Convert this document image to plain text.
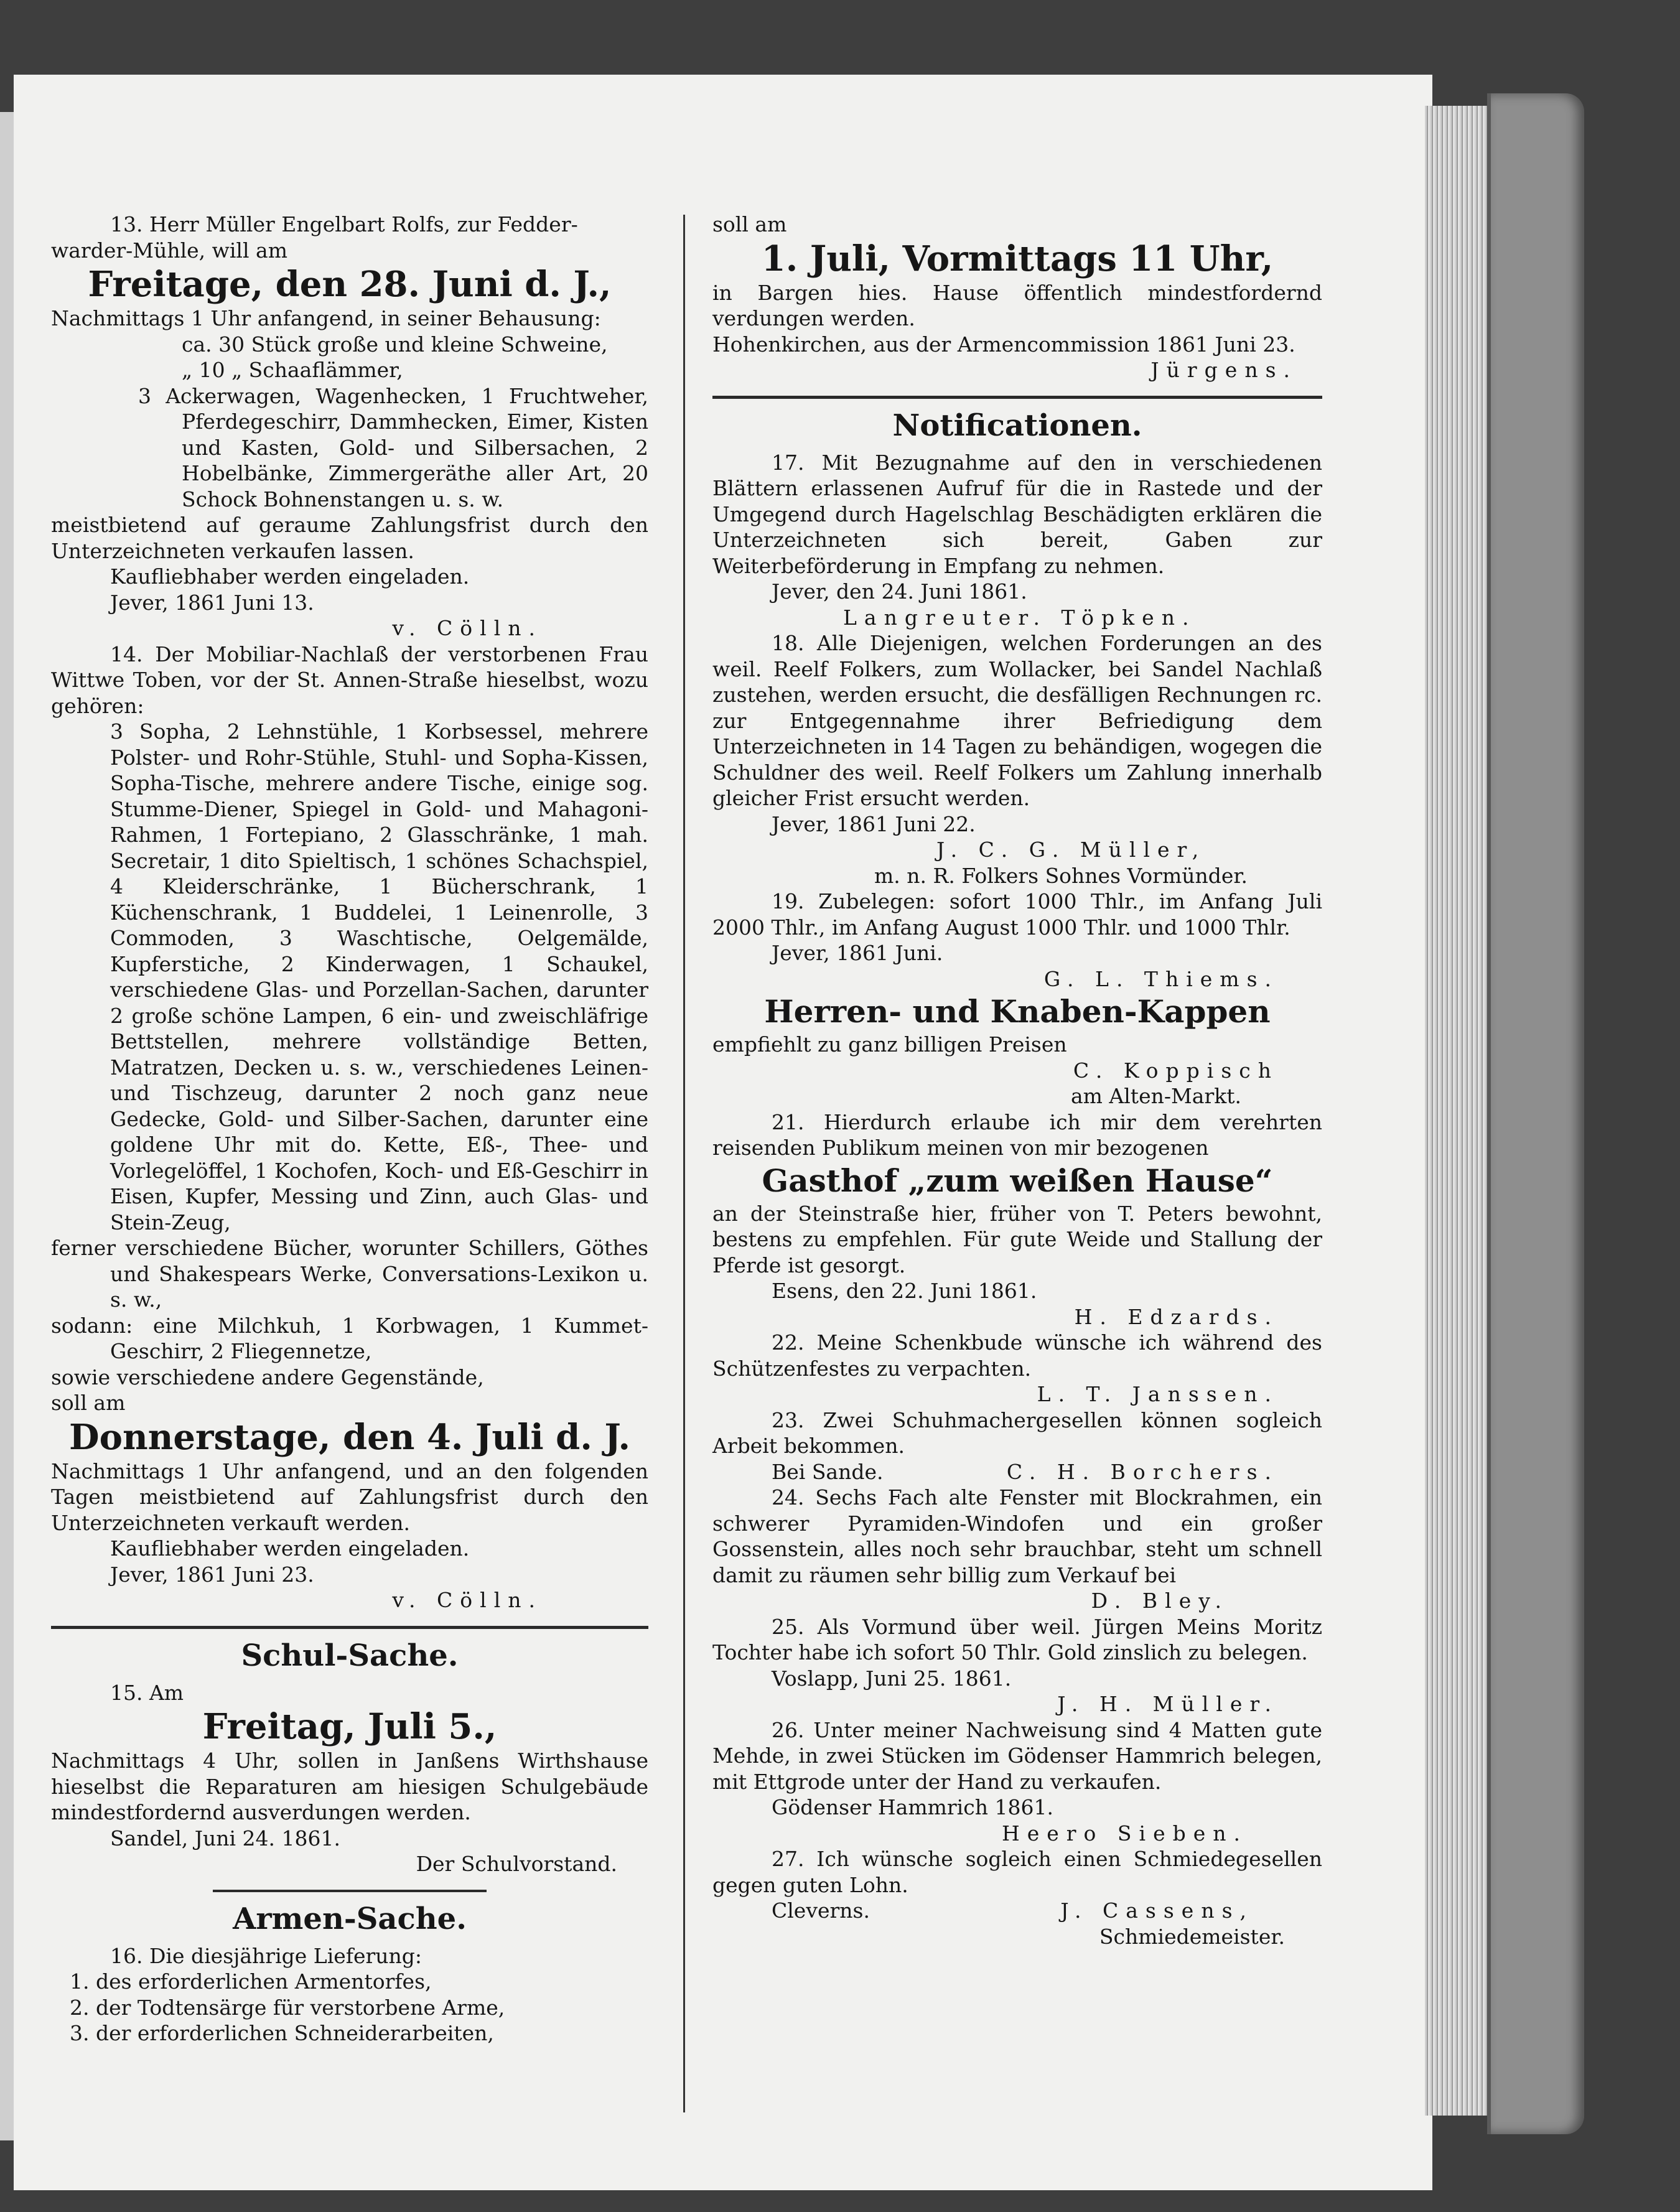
13. Herr Müller Engelbart Rolfs, zur Fedder-

warder-Mühle, will am

Freitage, den 28. Juni d. J.,

Nachmittags 1 Uhr anfangend, in seiner Behausung:

ca. 30 Stück große und kleine Schweine,

„ 10 „ Schaaflämmer,

3 Ackerwagen, Wagenhecken, 1 Fruchtweher, Pferdegeschirr, Dammhecken, Eimer, Kisten und Kasten, Gold- und Silbersachen, 2 Hobelbänke, Zimmergeräthe aller Art, 20 Schock Bohnenstangen u. s. w.

meistbietend auf geraume Zahlungsfrist durch den Unterzeichneten verkaufen lassen.

Kaufliebhaber werden eingeladen.

Jever, 1861 Juni 13.

v. Cölln.

14. Der Mobiliar-Nachlaß der verstorbenen Frau Wittwe Toben, vor der St. Annen-Straße hieselbst, wozu gehören:

3 Sopha, 2 Lehnstühle, 1 Korbsessel, mehrere Polster- und Rohr-Stühle, Stuhl- und Sopha-Kissen, Sopha-Tische, mehrere andere Tische, einige sog. Stumme-Diener, Spiegel in Gold- und Mahagoni-Rahmen, 1 Fortepiano, 2 Glasschränke, 1 mah. Secretair, 1 dito Spieltisch, 1 schönes Schachspiel, 4 Kleiderschränke, 1 Bücherschrank, 1 Küchenschrank, 1 Buddelei, 1 Leinenrolle, 3 Commoden, 3 Waschtische, Oelgemälde, Kupferstiche, 2 Kinderwagen, 1 Schaukel, verschiedene Glas- und Porzellan-Sachen, darunter 2 große schöne Lampen, 6 ein- und zweischläfrige Bettstellen, mehrere vollständige Betten, Matratzen, Decken u. s. w., verschiedenes Leinen- und Tischzeug, darunter 2 noch ganz neue Gedecke, Gold- und Silber-Sachen, darunter eine goldene Uhr mit do. Kette, Eß-, Thee- und Vorlegelöffel, 1 Kochofen, Koch- und Eß-Geschirr in Eisen, Kupfer, Messing und Zinn, auch Glas- und Stein-Zeug,

ferner verschiedene Bücher, worunter Schillers, Göthes und Shakespears Werke, Conversations-Lexikon u. s. w.,

sodann: eine Milchkuh, 1 Korbwagen, 1 Kummet-Geschirr, 2 Fliegennetze,

sowie verschiedene andere Gegenstände,

soll am

Donnerstage, den 4. Juli d. J.

Nachmittags 1 Uhr anfangend, und an den folgenden Tagen meistbietend auf Zahlungsfrist durch den Unterzeichneten verkauft werden.

Kaufliebhaber werden eingeladen.

Jever, 1861 Juni 23.

v. Cölln.

Schul-Sache.

15. Am

Freitag, Juli 5.,

Nachmittags 4 Uhr, sollen in Janßens Wirthshause hieselbst die Reparaturen am hiesigen Schulgebäude mindestfordernd ausverdungen werden.

Sandel, Juni 24. 1861.

Der Schulvorstand.

Armen-Sache.

16. Die diesjährige Lieferung:

1. des erforderlichen Armentorfes,

2. der Todtensärge für verstorbene Arme,

3. der erforderlichen Schneiderarbeiten,

soll am

1. Juli, Vormittags 11 Uhr,

in Bargen hies. Hause öffentlich mindestfordernd verdungen werden.

Hohenkirchen, aus der Armencommission 1861 Juni 23.

Jürgens.

Notificationen.

17. Mit Bezugnahme auf den in verschiedenen Blättern erlassenen Aufruf für die in Rastede und der Umgegend durch Hagelschlag Beschädigten erklären die Unterzeichneten sich bereit, Gaben zur Weiterbeförderung in Empfang zu nehmen.

Jever, den 24. Juni 1861.

Langreuter. Töpken.

18. Alle Diejenigen, welchen Forderungen an des weil. Reelf Folkers, zum Wollacker, bei Sandel Nachlaß zustehen, werden ersucht, die desfälligen Rechnungen rc. zur Entgegennahme ihrer Befriedigung dem Unterzeichneten in 14 Tagen zu behändigen, wogegen die Schuldner des weil. Reelf Folkers um Zahlung innerhalb gleicher Frist ersucht werden.

Jever, 1861 Juni 22.

J. C. G. Müller,

m. n. R. Folkers Sohnes Vormünder.

19. Zubelegen: sofort 1000 Thlr., im Anfang Juli 2000 Thlr., im Anfang August 1000 Thlr. und 1000 Thlr.

Jever, 1861 Juni.

G. L. Thiems.

Herren- und Knaben-Kappen

empfiehlt zu ganz billigen Preisen

C. Koppisch

am Alten-Markt.

21. Hierdurch erlaube ich mir dem verehrten reisenden Publikum meinen von mir bezogenen

Gasthof „zum weißen Hause“

an der Steinstraße hier, früher von T. Peters bewohnt, bestens zu empfehlen. Für gute Weide und Stallung der Pferde ist gesorgt.

Esens, den 22. Juni 1861.

H. Edzards.

22. Meine Schenkbude wünsche ich während des Schützenfestes zu verpachten.

L. T. Janssen.

23. Zwei Schuhmachergesellen können sogleich Arbeit bekommen.

Bei Sande.	C. H. Borchers.

24. Sechs Fach alte Fenster mit Blockrahmen, ein schwerer Pyramiden-Windofen und ein großer Gossenstein, alles noch sehr brauchbar, steht um schnell damit zu räumen sehr billig zum Verkauf bei

D. Bley.

25. Als Vormund über weil. Jürgen Meins Moritz Tochter habe ich sofort 50 Thlr. Gold zinslich zu belegen.

Voslapp, Juni 25. 1861.

J. H. Müller.

26. Unter meiner Nachweisung sind 4 Matten gute Mehde, in zwei Stücken im Gödenser Hammrich belegen, mit Ettgrode unter der Hand zu verkaufen.

Gödenser Hammrich 1861.

Heero Sieben.

27. Ich wünsche sogleich einen Schmiedegesellen gegen guten Lohn.

Cleverns.	J. Cassens,

Schmiedemeister.
